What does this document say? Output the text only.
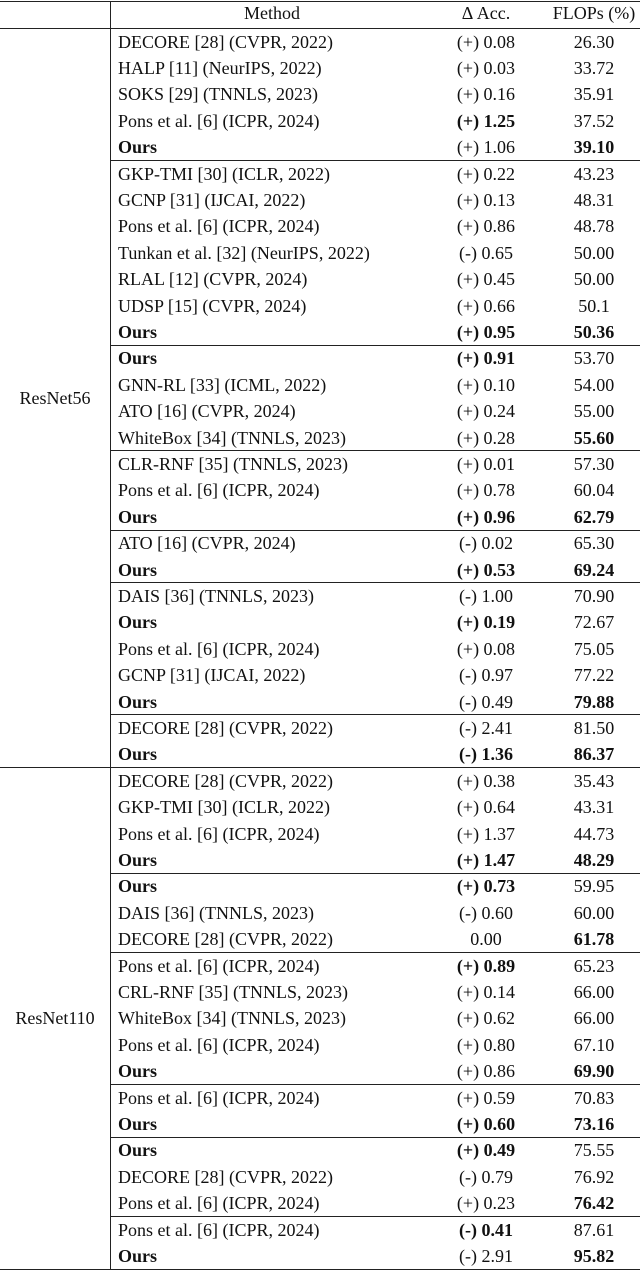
Method	Δ Acc.	FLOPs (%)
DECORE [28] (CVPR, 2022)	(+) 0.08	26.30
HALP [11] (NeurIPS, 2022)	(+) 0.03	33.72
SOKS [29] (TNNLS, 2023)	(+) 0.16	35.91
Pons et al. [6] (ICPR, 2024)	(+) 1.25	37.52
Ours	(+) 1.06	39.10
GKP-TMI [30] (ICLR, 2022)	(+) 0.22	43.23
GCNP [31] (IJCAI, 2022)	(+) 0.13	48.31
Pons et al. [6] (ICPR, 2024)	(+) 0.86	48.78
Tunkan et al. [32] (NeurIPS, 2022)	(-) 0.65	50.00
RLAL [12] (CVPR, 2024)	(+) 0.45	50.00
UDSP [15] (CVPR, 2024)	(+) 0.66	50.1
Ours	(+) 0.95	50.36
Ours	(+) 0.91	53.70
GNN-RL [33] (ICML, 2022)	(+) 0.10	54.00
ATO [16] (CVPR, 2024)	(+) 0.24	55.00
WhiteBox [34] (TNNLS, 2023)	(+) 0.28	55.60
CLR-RNF [35] (TNNLS, 2023)	(+) 0.01	57.30
Pons et al. [6] (ICPR, 2024)	(+) 0.78	60.04
Ours	(+) 0.96	62.79
ATO [16] (CVPR, 2024)	(-) 0.02	65.30
Ours	(+) 0.53	69.24
DAIS [36] (TNNLS, 2023)	(-) 1.00	70.90
Ours	(+) 0.19	72.67
Pons et al. [6] (ICPR, 2024)	(+) 0.08	75.05
GCNP [31] (IJCAI, 2022)	(-) 0.97	77.22
Ours	(-) 0.49	79.88
DECORE [28] (CVPR, 2022)	(-) 2.41	81.50
Ours	(-) 1.36	86.37
ResNet56
DECORE [28] (CVPR, 2022)	(+) 0.38	35.43
GKP-TMI [30] (ICLR, 2022)	(+) 0.64	43.31
Pons et al. [6] (ICPR, 2024)	(+) 1.37	44.73
Ours	(+) 1.47	48.29
Ours	(+) 0.73	59.95
DAIS [36] (TNNLS, 2023)	(-) 0.60	60.00
DECORE [28] (CVPR, 2022)	0.00	61.78
Pons et al. [6] (ICPR, 2024)	(+) 0.89	65.23
CRL-RNF [35] (TNNLS, 2023)	(+) 0.14	66.00
WhiteBox [34] (TNNLS, 2023)	(+) 0.62	66.00
Pons et al. [6] (ICPR, 2024)	(+) 0.80	67.10
Ours	(+) 0.86	69.90
Pons et al. [6] (ICPR, 2024)	(+) 0.59	70.83
Ours	(+) 0.60	73.16
Ours	(+) 0.49	75.55
DECORE [28] (CVPR, 2022)	(-) 0.79	76.92
Pons et al. [6] (ICPR, 2024)	(+) 0.23	76.42
Pons et al. [6] (ICPR, 2024)	(-) 0.41	87.61
Ours	(-) 2.91	95.82
ResNet110
